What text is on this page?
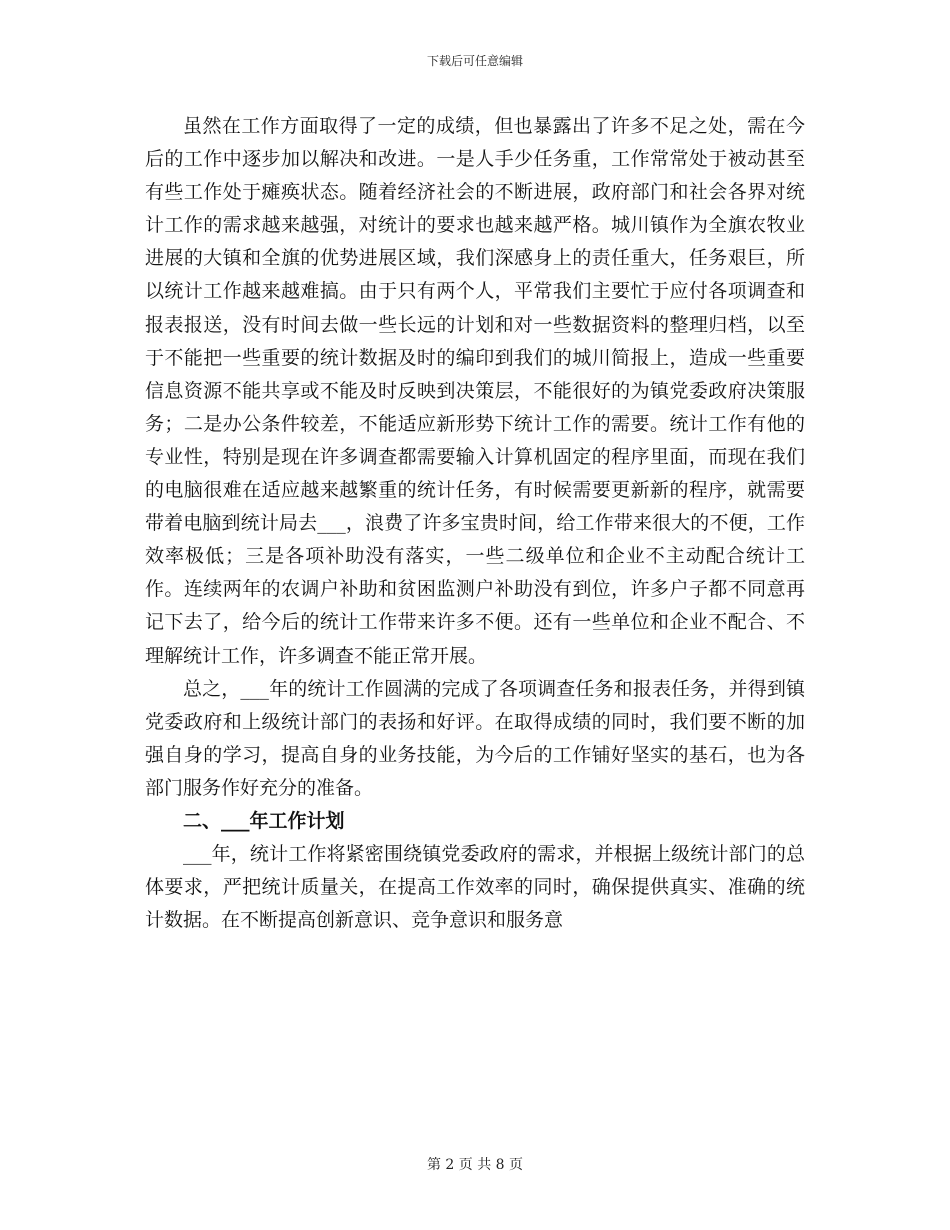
下载后可任意编辑

虽然在工作方面取得了一定的成绩，但也暴露出了许多不足之处，需在今后的工作中逐步加以解决和改进。一是人手少任务重，工作常常处于被动甚至有些工作处于瘫痪状态。随着经济社会的不断进展，政府部门和社会各界对统计工作的需求越来越强，对统计的要求也越来越严格。城川镇作为全旗农牧业进展的大镇和全旗的优势进展区域，我们深感身上的责任重大，任务艰巨，所以统计工作越来越难搞。由于只有两个人，平常我们主要忙于应付各项调查和报表报送，没有时间去做一些长远的计划和对一些数据资料的整理归档，以至于不能把一些重要的统计数据及时的编印到我们的城川简报上，造成一些重要信息资源不能共享或不能及时反映到决策层，不能很好的为镇党委政府决策服务；二是办公条件较差，不能适应新形势下统计工作的需要。统计工作有他的专业性，特别是现在许多调查都需要输入计算机固定的程序里面，而现在我们的电脑很难在适应越来越繁重的统计任务，有时候需要更新新的程序，就需要带着电脑到统计局去___，浪费了许多宝贵时间，给工作带来很大的不便，工作效率极低；三是各项补助没有落实，一些二级单位和企业不主动配合统计工作。连续两年的农调户补助和贫困监测户补助没有到位，许多户子都不同意再记下去了，给今后的统计工作带来许多不便。还有一些单位和企业不配合、不理解统计工作，许多调查不能正常开展。

总之，___年的统计工作圆满的完成了各项调查任务和报表任务，并得到镇党委政府和上级统计部门的表扬和好评。在取得成绩的同时，我们要不断的加强自身的学习，提高自身的业务技能，为今后的工作铺好坚实的基石，也为各部门服务作好充分的准备。

二、___年工作计划

___年，统计工作将紧密围绕镇党委政府的需求，并根据上级统计部门的总体要求，严把统计质量关，在提高工作效率的同时，确保提供真实、准确的统计数据。在不断提高创新意识、竞争意识和服务意

第 2 页 共 8 页
